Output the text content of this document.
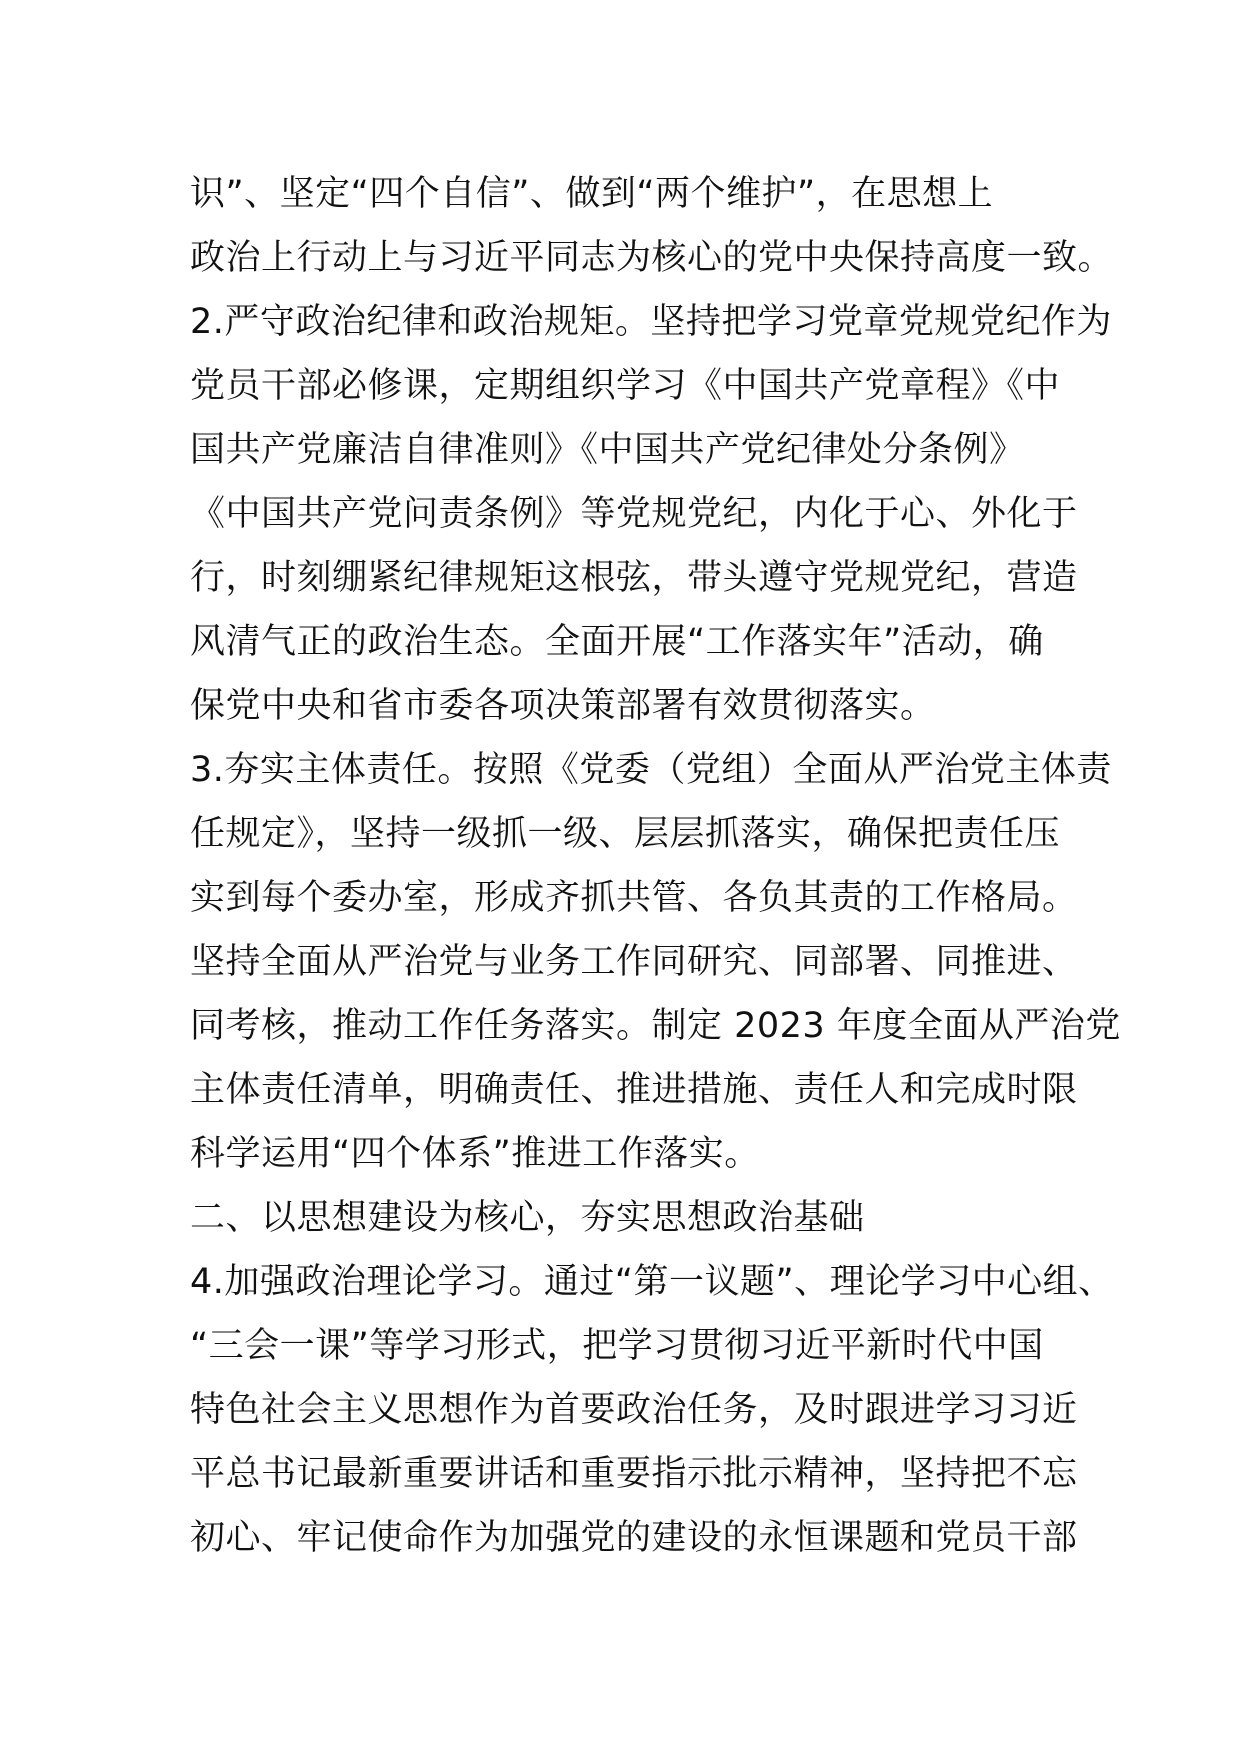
识”、坚定“四个自信”、做到“两个维护”，在思想上
政治上行动上与习近平同志为核心的党中央保持高度一致。
2.严守政治纪律和政治规矩。坚持把学习党章党规党纪作为
党员干部必修课，定期组织学习《中国共产党章程》《中
国共产党廉洁自律准则》《中国共产党纪律处分条例》
《中国共产党问责条例》等党规党纪，内化于心、外化于
行，时刻绷紧纪律规矩这根弦，带头遵守党规党纪，营造
风清气正的政治生态。全面开展“工作落实年”活动，确
保党中央和省市委各项决策部署有效贯彻落实。
3.夯实主体责任。按照《党委（党组）全面从严治党主体责
任规定》，坚持一级抓一级、层层抓落实，确保把责任压
实到每个委办室，形成齐抓共管、各负其责的工作格局。
坚持全面从严治党与业务工作同研究、同部署、同推进、
同考核，推动工作任务落实。制定 2023 年度全面从严治党
主体责任清单，明确责任、推进措施、责任人和完成时限
科学运用“四个体系”推进工作落实。
二、以思想建设为核心，夯实思想政治基础
4.加强政治理论学习。通过“第一议题”、理论学习中心组、
“三会一课”等学习形式，把学习贯彻习近平新时代中国
特色社会主义思想作为首要政治任务，及时跟进学习习近
平总书记最新重要讲话和重要指示批示精神，坚持把不忘
初心、牢记使命作为加强党的建设的永恒课题和党员干部
